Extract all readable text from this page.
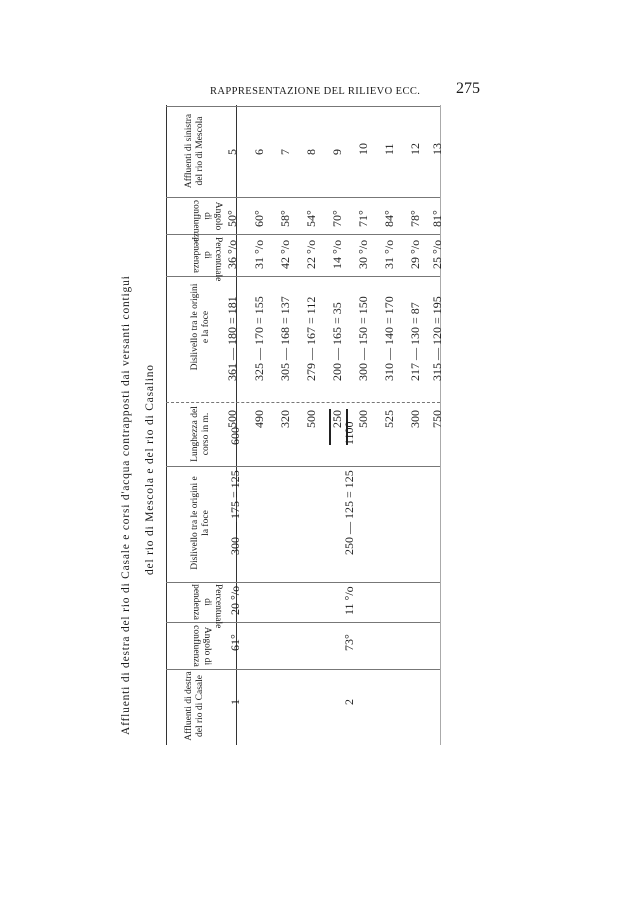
RAPPRESENTAZIONE DEL RILIEVO ECC. 275
Affluenti di destra del rio di Casale e corsi d'acqua contrapposti dai versanti contigui del rio di Mescola e del rio di Casalino
Affluenti di destra del rio di Casale
Angolo di confluenza
Percentuale di pendenza
Dislivello tra le origini e la foce
Lunghezza del corso in m.
Dislivello tra le origini e la foce
Percentuale di pendenza
Angolo di confluenza
Affluenti di sinistra del rio di Mescola
1
61°
20 °/o
300 — 175 = 125
600
2
73°
11 °/o
250 — 125 = 125
1100
500
361 — 180 = 181
36 °/o
50°
5
490
325 — 170 = 155
31 °/o
60°
6
320
305 — 168 = 137
42 °/o
58°
7
500
279 — 167 = 112
22 °/o
54°
8
250
200 — 165 = 35
14 °/o
70°
9
500
300 — 150 = 150
30 °/o
71°
10
525
310 — 140 = 170
31 °/o
84°
11
300
217 — 130 = 87
29 °/o
78°
12
750
315 — 120 = 195
25 °/o
81°
13
